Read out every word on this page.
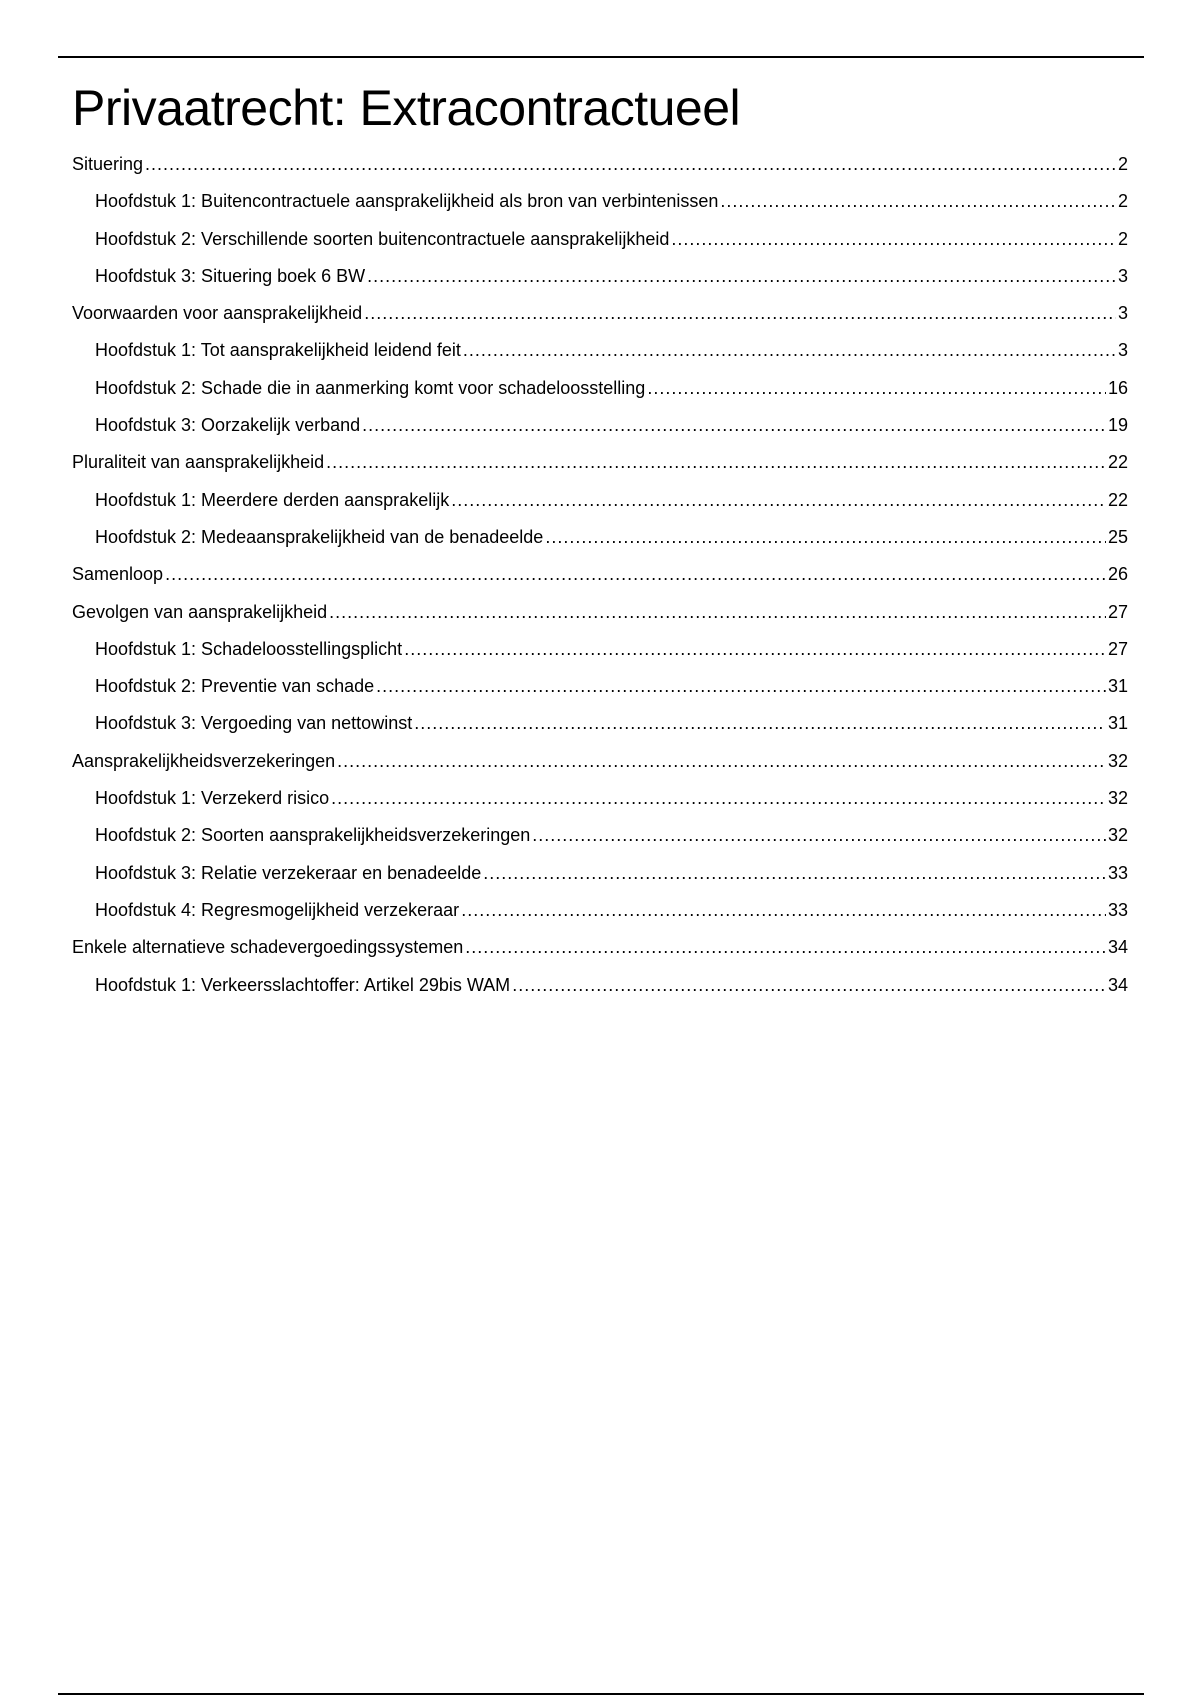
Privaatrecht: Extracontractueel
Situering .....	2
Hoofdstuk 1: Buitencontractuele aansprakelijkheid als bron van verbintenissen .....	2
Hoofdstuk 2: Verschillende soorten buitencontractuele aansprakelijkheid .....	2
Hoofdstuk 3: Situering boek 6 BW .....	3
Voorwaarden voor aansprakelijkheid .....	3
Hoofdstuk 1: Tot aansprakelijkheid leidend feit .....	3
Hoofdstuk 2: Schade die in aanmerking komt voor schadeloosstelling .....	16
Hoofdstuk 3: Oorzakelijk verband .....	19
Pluraliteit van aansprakelijkheid .....	22
Hoofdstuk 1: Meerdere derden aansprakelijk .....	22
Hoofdstuk 2: Medeaansprakelijkheid van de benadeelde .....	25
Samenloop .....	26
Gevolgen van aansprakelijkheid .....	27
Hoofdstuk 1: Schadeloosstellingsplicht .....	27
Hoofdstuk 2: Preventie van schade .....	31
Hoofdstuk 3: Vergoeding van nettowinst .....	31
Aansprakelijkheidsverzekeringen .....	32
Hoofdstuk 1: Verzekerd risico .....	32
Hoofdstuk 2: Soorten aansprakelijkheidsverzekeringen .....	32
Hoofdstuk 3: Relatie verzekeraar en benadeelde .....	33
Hoofdstuk 4: Regresmogelijkheid verzekeraar .....	33
Enkele alternatieve schadevergoedingssystemen .....	34
Hoofdstuk 1: Verkeersslachtoffer: Artikel 29bis WAM .....	34
